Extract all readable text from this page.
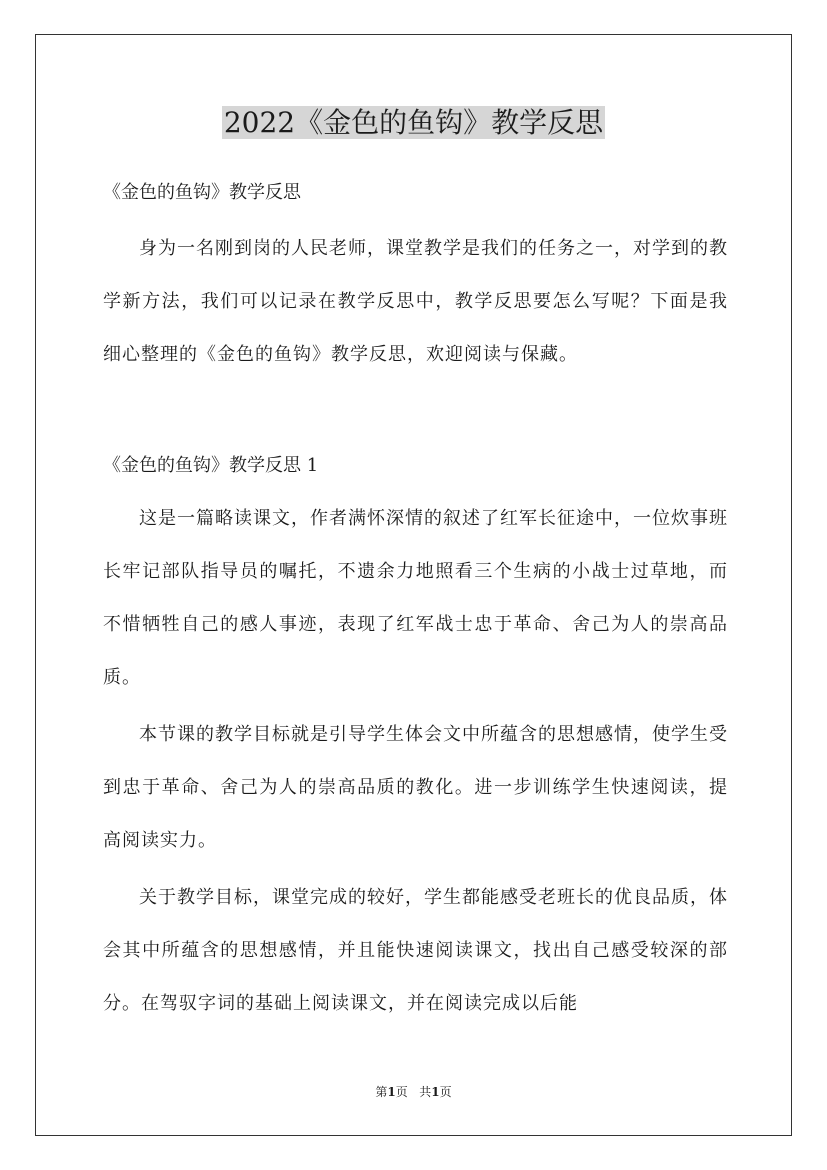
2022《金色的鱼钩》教学反思

《金色的鱼钩》教学反思

身为一名刚到岗的人民老师，课堂教学是我们的任务之一，对学到的教学新方法，我们可以记录在教学反思中，教学反思要怎么写呢？下面是我细心整理的《金色的鱼钩》教学反思，欢迎阅读与保藏。

《金色的鱼钩》教学反思 1

这是一篇略读课文，作者满怀深情的叙述了红军长征途中，一位炊事班长牢记部队指导员的嘱托，不遗余力地照看三个生病的小战士过草地，而不惜牺牲自己的感人事迹，表现了红军战士忠于革命、舍己为人的崇高品质。

本节课的教学目标就是引导学生体会文中所蕴含的思想感情，使学生受到忠于革命、舍己为人的崇高品质的教化。进一步训练学生快速阅读，提高阅读实力。

关于教学目标，课堂完成的较好，学生都能感受老班长的优良品质，体会其中所蕴含的思想感情，并且能快速阅读课文，找出自己感受较深的部分。在驾驭字词的基础上阅读课文，并在阅读完成以后能

第1页 共1页
